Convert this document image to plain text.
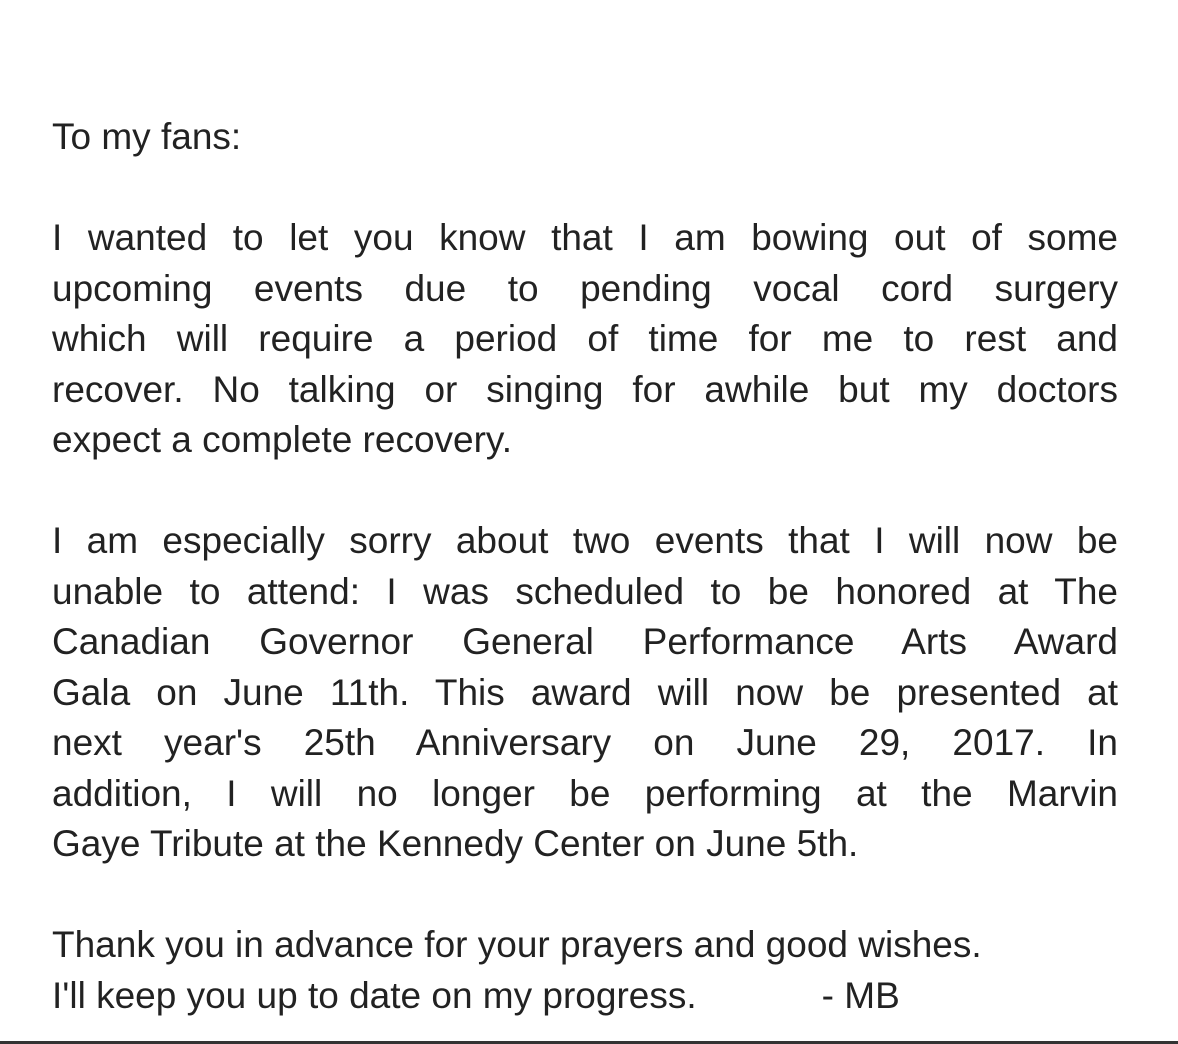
To my fans:

I wanted to let you know that I am bowing out of some
upcoming events due to pending vocal cord surgery
which will require a period of time for me to rest and
recover. No talking or singing for awhile but my doctors
expect a complete recovery.

I am especially sorry about two events that I will now be
unable to attend: I was scheduled to be honored at The
Canadian Governor General Performance Arts Award
Gala on June 11th. This award will now be presented at
next year's 25th Anniversary on June 29, 2017. In
addition, I will no longer be performing at the Marvin
Gaye Tribute at the Kennedy Center on June 5th.

Thank you in advance for your prayers and good wishes.
I'll keep you up to date on my progress.	- MB
